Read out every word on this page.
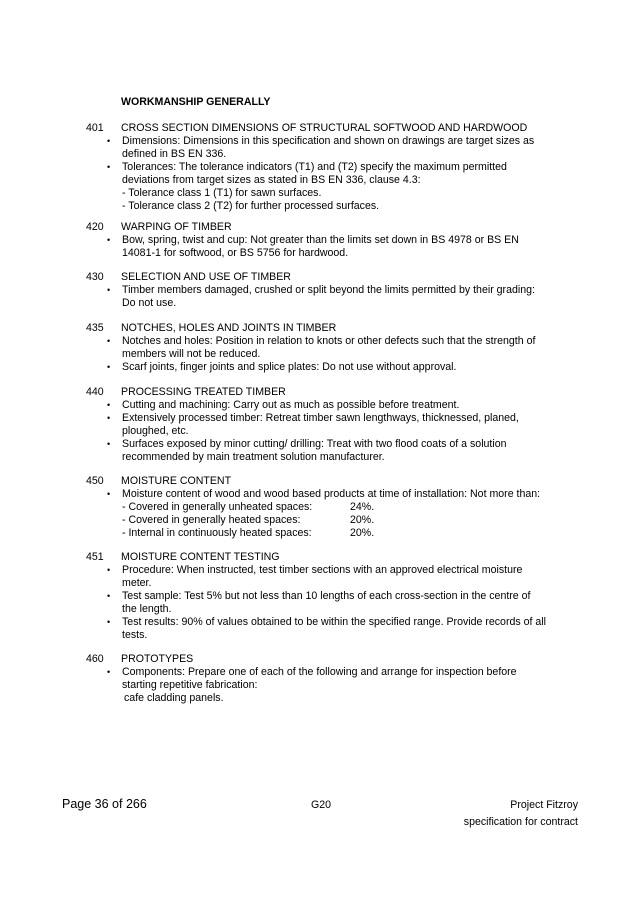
WORKMANSHIP GENERALLY
401 CROSS SECTION DIMENSIONS OF STRUCTURAL SOFTWOOD AND HARDWOOD
• Dimensions: Dimensions in this specification and shown on drawings are target sizes as
defined in BS EN 336.
• Tolerances: The tolerance indicators (T1) and (T2) specify the maximum permitted
deviations from target sizes as stated in BS EN 336, clause 4.3:
- Tolerance class 1 (T1) for sawn surfaces.
- Tolerance class 2 (T2) for further processed surfaces.
420 WARPING OF TIMBER
• Bow, spring, twist and cup: Not greater than the limits set down in BS 4978 or BS EN
14081-1 for softwood, or BS 5756 for hardwood.
430 SELECTION AND USE OF TIMBER
• Timber members damaged, crushed or split beyond the limits permitted by their grading:
Do not use.
435 NOTCHES, HOLES AND JOINTS IN TIMBER
• Notches and holes: Position in relation to knots or other defects such that the strength of
members will not be reduced.
• Scarf joints, finger joints and splice plates: Do not use without approval.
440 PROCESSING TREATED TIMBER
• Cutting and machining: Carry out as much as possible before treatment.
• Extensively processed timber: Retreat timber sawn lengthways, thicknessed, planed,
ploughed, etc.
• Surfaces exposed by minor cutting/ drilling: Treat with two flood coats of a solution
recommended by main treatment solution manufacturer.
450 MOISTURE CONTENT
• Moisture content of wood and wood based products at time of installation: Not more than:
- Covered in generally unheated spaces:	24%.
- Covered in generally heated spaces:	20%.
- Internal in continuously heated spaces:	20%.
451 MOISTURE CONTENT TESTING
• Procedure: When instructed, test timber sections with an approved electrical moisture
meter.
• Test sample: Test 5% but not less than 10 lengths of each cross-section in the centre of
the length.
• Test results: 90% of values obtained to be within the specified range. Provide records of all
tests.
460 PROTOTYPES
• Components: Prepare one of each of the following and arrange for inspection before
starting repetitive fabrication:
cafe cladding panels.
Page 36 of 266	G20	Project Fitzroy
specification for contract
